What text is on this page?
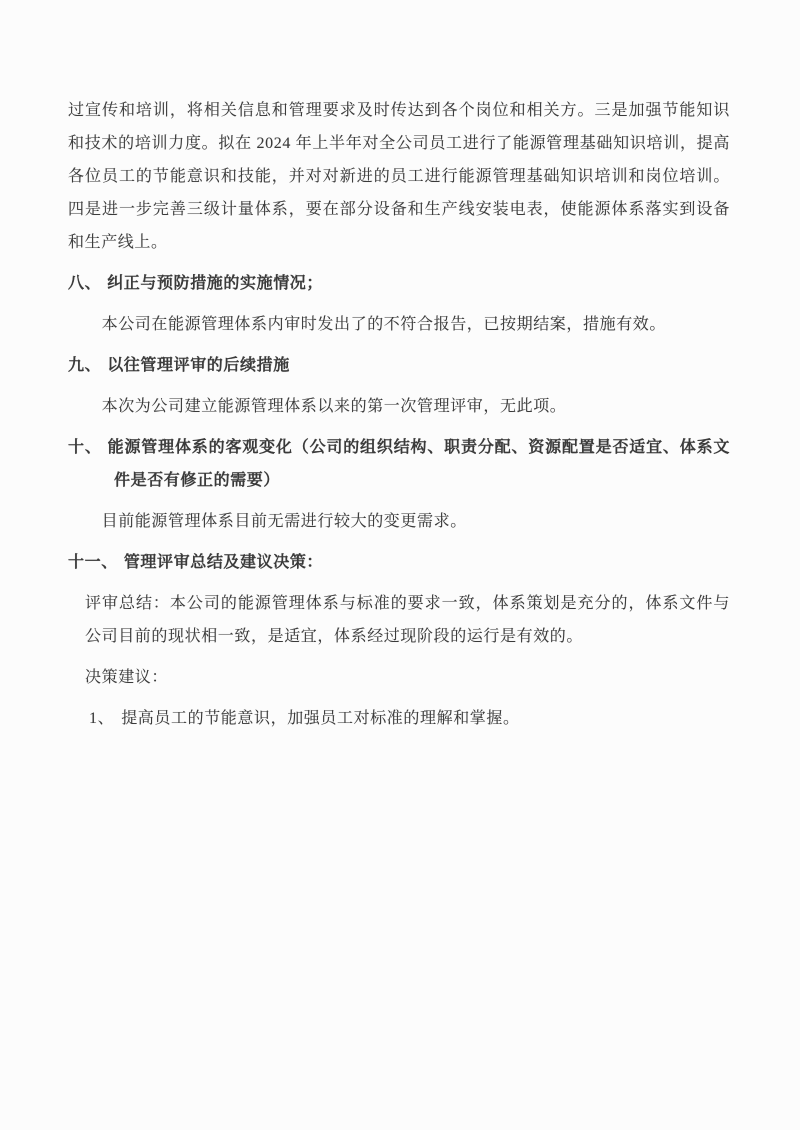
过宣传和培训，将相关信息和管理要求及时传达到各个岗位和相关方。三是加强节能知识和技术的培训力度。拟在 2024 年上半年对全公司员工进行了能源管理基础知识培训，提高各位员工的节能意识和技能，并对对新进的员工进行能源管理基础知识培训和岗位培训。四是进一步完善三级计量体系，要在部分设备和生产线安装电表，使能源体系落实到设备和生产线上。

八、 纠正与预防措施的实施情况；

本公司在能源管理体系内审时发出了的不符合报告，已按期结案，措施有效。

九、 以往管理评审的后续措施

本次为公司建立能源管理体系以来的第一次管理评审，无此项。

十、 能源管理体系的客观变化（公司的组织结构、职责分配、资源配置是否适宜、体系文件是否有修正的需要）

目前能源管理体系目前无需进行较大的变更需求。

十一、 管理评审总结及建议决策：

评审总结：本公司的能源管理体系与标准的要求一致，体系策划是充分的，体系文件与公司目前的现状相一致，是适宜，体系经过现阶段的运行是有效的。

决策建议：

1、 提高员工的节能意识，加强员工对标准的理解和掌握。
